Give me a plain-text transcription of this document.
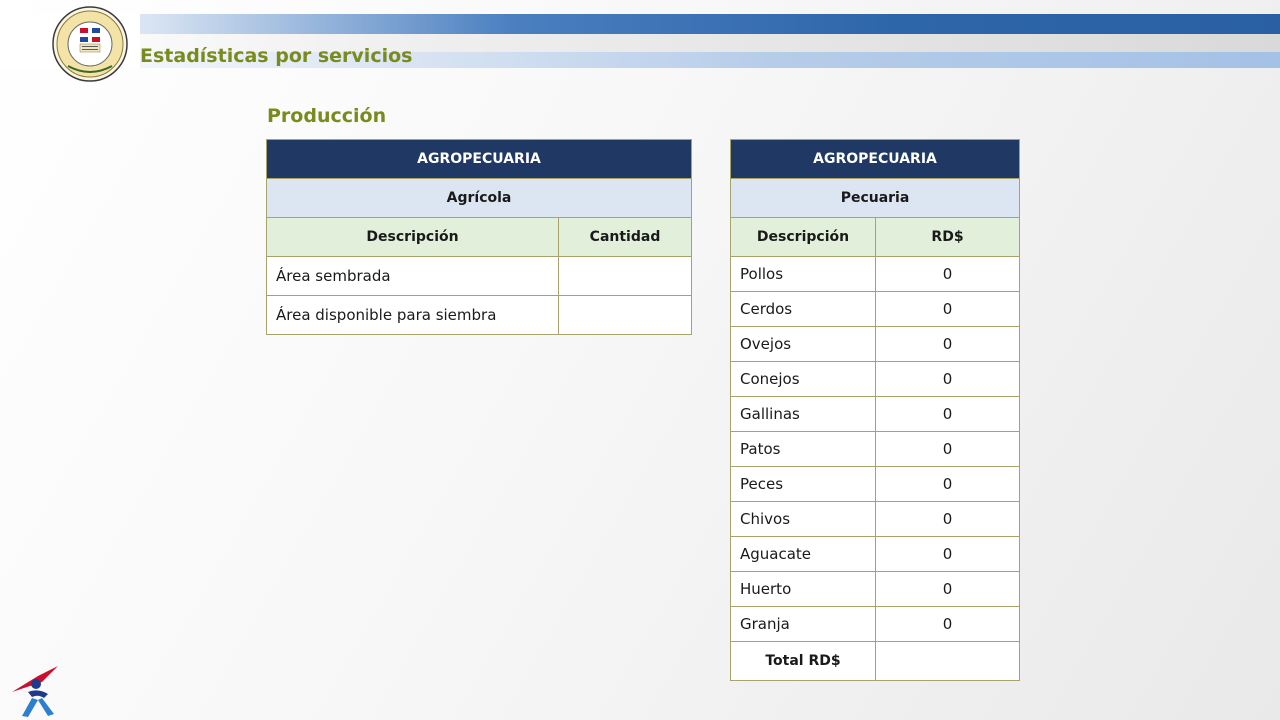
Estadísticas por servicios
Producción
AGROPECUARIA	
Agrícola	
Descripción	Cantidad
Área sembrada	
Área disponible para siembra	
AGROPECUARIA	
Pecuaria	
Descripción	RD$
Pollos	0
Cerdos	0
Ovejos	0
Conejos	0
Gallinas	0
Patos	0
Peces	0
Chivos	0
Aguacate	0
Huerto	0
Granja	0
Total RD$	
